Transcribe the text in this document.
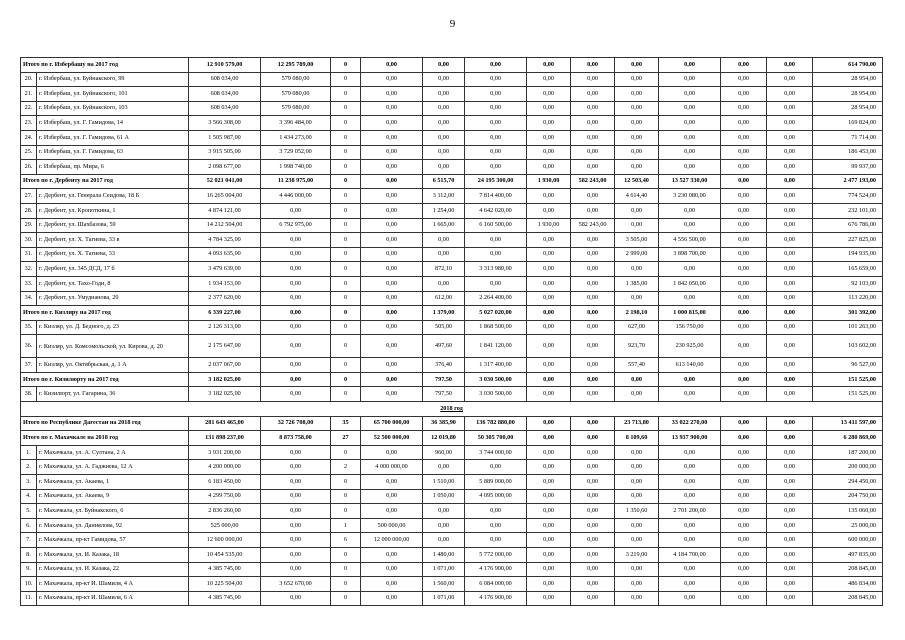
9
Итого по г. Избербашу на 2017 год		12 910 579,00	12 295 789,00	0	0,00	0,00	0,00	0,00	0,00	0,00	0,00	0,00	0,00	614 790,00
20.	г. Избербаш, ул. Буйнакского, 99	608 034,00	579 080,00	0	0,00	0,00	0,00	0,00	0,00	0,00	0,00	0,00	0,00	28 954,00
21.	г. Избербаш, ул. Буйнакского, 101	608 034,00	579 080,00	0	0,00	0,00	0,00	0,00	0,00	0,00	0,00	0,00	0,00	28 954,00
22.	г. Избербаш, ул. Буйнакского, 103	608 034,00	579 080,00	0	0,00	0,00	0,00	0,00	0,00	0,00	0,00	0,00	0,00	28 954,00
23.	г. Избербаш, ул. Г. Гамидова, 14	3 566 308,00	3 396 484,00	0	0,00	0,00	0,00	0,00	0,00	0,00	0,00	0,00	0,00	169 824,00
24.	г. Избербаш, ул. Г. Гамидова, 61 А	1 505 987,00	1 434 273,00	0	0,00	0,00	0,00	0,00	0,00	0,00	0,00	0,00	0,00	71 714,00
25.	г. Избербаш, ул. Г. Гамидова, 63	3 915 505,00	3 729 052,00	0	0,00	0,00	0,00	0,00	0,00	0,00	0,00	0,00	0,00	186 453,00
26.	г. Избербаш, пр. Мира, 6	2 098 677,00	1 998 740,00	0	0,00	0,00	0,00	0,00	0,00	0,00	0,00	0,00	0,00	99 937,00
Итого по г. Дербенту на 2017 год		52 021 041,00	11 238 975,00	0	0,00	6 515,70	24 195 300,00	1 930,00	582 243,00	12 503,40	13 527 330,00	0,00	0,00	2 477 193,00
27.	г. Дербент, ул. Генерала Сеидова, 18 Б	16 265 004,00	4 446 000,00	0	0,00	3 112,00	7 814 400,00	0,00	0,00	4 614,40	3 230 080,00	0,00	0,00	774 524,00
28.	г. Дербент, ул. Кропоткина, 1	4 874 121,00	0,00	0	0,00	1 254,00	4 642 020,00	0,00	0,00	0,00	0,00	0,00	0,00	232 101,00
29.	г. Дербент, ул. Шахбазова, 59	14 212 504,00	6 792 975,00	0	0,00	1 665,00	6 160 500,00	1 930,00	582 243,00	0,00	0,00	0,00	0,00	676 786,00
30.	г. Дербент, ул. Х. Тагиева, 33 в	4 784 325,00	0,00	0	0,00	0,00	0,00	0,00	0,00	3 505,00	4 556 500,00	0,00	0,00	227 825,00
31.	г. Дербент, ул. Х. Тагиева, 33	4 093 635,00	0,00	0	0,00	0,00	0,00	0,00	0,00	2 999,00	3 898 700,00	0,00	0,00	194 935,00
32.	г. Дербент, ул. 345 ДСД, 17 б	3 479 639,00	0,00	0	0,00	872,10	3 313 980,00	0,00	0,00	0,00	0,00	0,00	0,00	165 659,00
33.	г. Дербент, ул. Тахо-Годи, 8	1 934 153,00	0,00	0	0,00	0,00	0,00	0,00	0,00	1 385,00	1 842 050,00	0,00	0,00	92 103,00
34.	г. Дербент, ул. Умуднанова, 20	2 377 620,00	0,00	0	0,00	612,00	2 264 400,00	0,00	0,00	0,00	0,00	0,00	0,00	113 220,00
Итого по г. Кизляру на 2017 год		6 339 227,00	0,00	0	0,00	1 379,00	5 027 020,00	0,00	0,00	2 198,10	1 000 815,00	0,00	0,00	301 392,00
35.	г. Кизляр, ул. Д. Бедного, д. 23	2 126 313,00	0,00	0	0,00	505,00	1 868 500,00	0,00	0,00	627,00	156 750,00	0,00	0,00	101 263,00
36.	г. Кизляр, ул. Комсомольской, ул. Кирова, д. 20	2 175 647,00	0,00	0	0,00	497,60	1 841 120,00	0,00	0,00	923,70	230 925,00	0,00	0,00	103 602,00
37.	г. Кизляр, ул. Октябрьская, д. 1 А	2 037 067,00	0,00	0	0,00	376,40	1 317 400,00	0,00	0,00	557,40	613 140,00	0,00	0,00	96 527,00
Итого по г. Кизилюрту на 2017 год		3 182 025,00	0,00	0	0,00	797,50	3 030 500,00	0,00	0,00	0,00	0,00	0,00	0,00	151 525,00
38.	г. Кизилюрт, ул. Гагарина, 36	3 182 025,00	0,00	0	0,00	797,50	3 030 500,00	0,00	0,00	0,00	0,00	0,00	0,00	151 525,00
2018 год														
Итого по Республике Дагестан на 2018 год		281 643 465,00	32 726 708,00	35	65 700 000,00	36 385,90	136 782 880,00	0,00	0,00	23 713,80	33 022 270,00	0,00	0,00	13 411 597,00
Итого по г. Махачкале на 2018 год		131 898 237,00	8 873 758,00	27	52 500 000,00	12 019,80	50 305 700,00	0,00	0,00	8 109,60	13 937 900,00	0,00	0,00	6 280 869,00
1.	г. Махачкала, ул. А. Султана, 2 А	3 931 200,00	0,00	0	0,00	960,00	3 744 000,00	0,00	0,00	0,00	0,00	0,00	0,00	187 200,00
2.	г. Махачкала, ул. А. Гаджиева, 12 А	4 200 000,00	0,00	2	4 000 000,00	0,00	0,00	0,00	0,00	0,00	0,00	0,00	0,00	200 000,00
3.	г. Махачкала, ул. Акаева, 1	6 183 450,00	0,00	0	0,00	1 510,00	5 889 000,00	0,00	0,00	0,00	0,00	0,00	0,00	294 450,00
4.	г. Махачкала, ул. Акаева, 9	4 299 750,00	0,00	0	0,00	1 050,00	4 095 000,00	0,00	0,00	0,00	0,00	0,00	0,00	204 750,00
5.	г. Махачкала, ул. Буйнакского, 6	2 836 260,00	0,00	0	0,00	0,00	0,00	0,00	0,00	1 350,60	2 701 200,00	0,00	0,00	135 060,00
6.	г. Махачкала, ул. Даниялова, 92	525 000,00	0,00	1	500 000,00	0,00	0,00	0,00	0,00	0,00	0,00	0,00	0,00	25 000,00
7.	г. Махачкала, пр-кт Гамидова, 57	12 600 000,00	0,00	6	12 000 000,00	0,00	0,00	0,00	0,00	0,00	0,00	0,00	0,00	600 000,00
8.	г. Махачкала, ул. И. Казака, 18	10 454 535,00	0,00	0	0,00	1 480,00	5 772 000,00	0,00	0,00	3 219,00	4 184 700,00	0,00	0,00	497 835,00
9.	г. Махачкала, ул. И. Казака, 22	4 385 745,00	0,00	0	0,00	1 071,00	4 176 900,00	0,00	0,00	0,00	0,00	0,00	0,00	208 845,00
10.	г. Махачкала, пр-кт И. Шамиля, 4 А	10 225 504,00	3 652 670,00	0	0,00	1 560,00	6 084 000,00	0,00	0,00	0,00	0,00	0,00	0,00	486 834,00
11.	г. Махачкала, пр-кт И. Шамиля, 6 А	4 385 745,00	0,00	0	0,00	1 071,00	4 176 900,00	0,00	0,00	0,00	0,00	0,00	0,00	208 845,00
